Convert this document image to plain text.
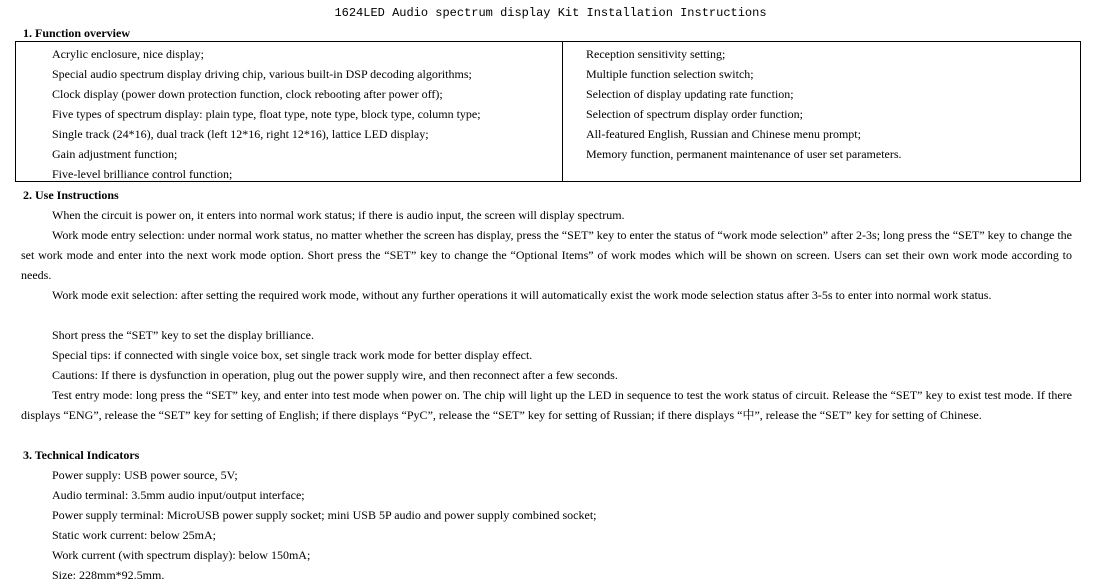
1624LED Audio spectrum display Kit Installation Instructions
1. Function overview
Acrylic enclosure, nice display;
Special audio spectrum display driving chip, various built-in DSP decoding algorithms;
Clock display (power down protection function, clock rebooting after power off);
Five types of spectrum display: plain type, float type, note type, block type, column type;
Single track (24*16), dual track (left 12*16, right 12*16), lattice LED display;
Gain adjustment function;
Five-level brilliance control function;
Reception sensitivity setting;
Multiple function selection switch;
Selection of display updating rate function;
Selection of spectrum display order function;
All-featured English, Russian and Chinese menu prompt;
Memory function, permanent maintenance of user set parameters.
2. Use Instructions
When the circuit is power on, it enters into normal work status; if there is audio input, the screen will display spectrum.
Work mode entry selection: under normal work status, no matter whether the screen has display, press the “SET” key to enter the status of “work mode selection” after 2-3s; long press the “SET” key to change the set work mode and enter into the next work mode option. Short press the “SET” key to change the “Optional Items” of work modes which will be shown on screen. Users can set their own work mode according to needs.
Work mode exit selection: after setting the required work mode, without any further operations it will automatically exist the work mode selection status after 3-5s to enter into normal work status.
Short press the “SET” key to set the display brilliance.
Special tips: if connected with single voice box, set single track work mode for better display effect.
Cautions: If there is dysfunction in operation, plug out the power supply wire, and then reconnect after a few seconds.
Test entry mode: long press the “SET” key, and enter into test mode when power on. The chip will light up the LED in sequence to test the work status of circuit. Release the “SET” key to exist test mode. If there displays “ENG”, release the “SET” key for setting of English; if there displays “PyC”, release the “SET” key for setting of Russian; if there displays “中”, release the “SET” key for setting of Chinese.
3. Technical Indicators
Power supply: USB power source, 5V;
Audio terminal: 3.5mm audio input/output interface;
Power supply terminal: MicroUSB power supply socket; mini USB 5P audio and power supply combined socket;
Static work current: below 25mA;
Work current (with spectrum display): below 150mA;
Size: 228mm*92.5mm.
